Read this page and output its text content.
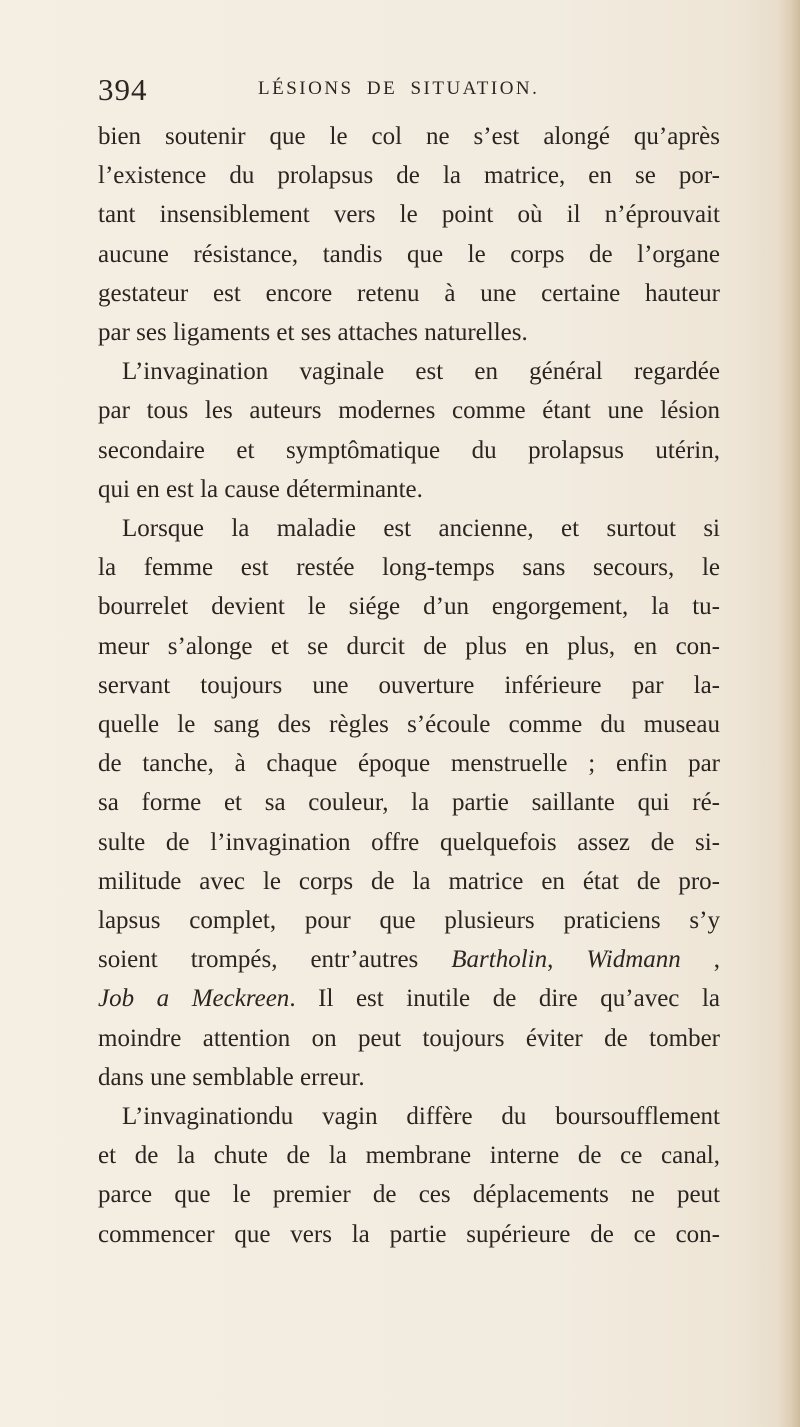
394	LÉSIONS DE SITUATION.

bien soutenir que le col ne s’est alongé qu’après

l’existence du prolapsus de la matrice, en se por-

tant insensiblement vers le point où il n’éprouvait

aucune résistance, tandis que le corps de l’organe

gestateur est encore retenu à une certaine hauteur

par ses ligaments et ses attaches naturelles.

L’invagination vaginale est en général regardée

par tous les auteurs modernes comme étant une lésion

secondaire et symptômatique du prolapsus utérin,

qui en est la cause déterminante.

Lorsque la maladie est ancienne, et surtout si

la femme est restée long-temps sans secours, le

bourrelet devient le siége d’un engorgement, la tu-

meur s’alonge et se durcit de plus en plus, en con-

servant toujours une ouverture inférieure par la-

quelle le sang des règles s’écoule comme du museau

de tanche, à chaque époque menstruelle ; enfin par

sa forme et sa couleur, la partie saillante qui ré-

sulte de l’invagination offre quelquefois assez de si-

militude avec le corps de la matrice en état de pro-

lapsus complet, pour que plusieurs praticiens s’y

soient trompés, entr’autres Bartholin, Widmann ,

Job a Meckreen. Il est inutile de dire qu’avec la

moindre attention on peut toujours éviter de tomber

dans une semblable erreur.

L’invaginationdu vagin diffère du boursoufflement

et de la chute de la membrane interne de ce canal,

parce que le premier de ces déplacements ne peut

commencer que vers la partie supérieure de ce con-
